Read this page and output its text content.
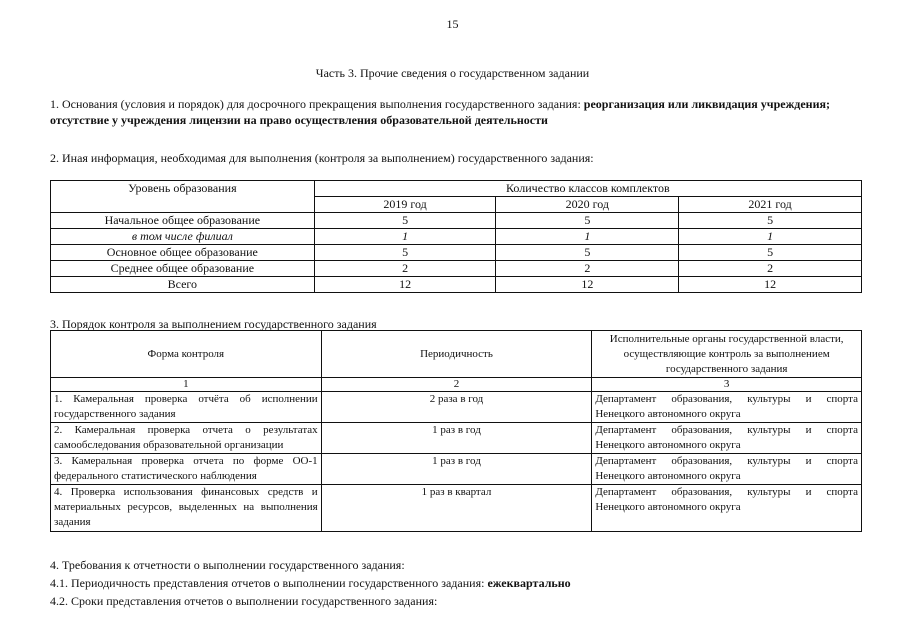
15
Часть 3. Прочие сведения о государственном задании
1. Основания (условия и порядок) для досрочного прекращения выполнения государственного задания: реорганизация или ликвидация учреждения; отсутствие у учреждения лицензии на право осуществления образовательной деятельности
2. Иная информация, необходимая для выполнения (контроля за выполнением) государственного задания:
Уровень образования	Количество классов комплектов		
	2019 год	2020 год	2021 год
Начальное общее образование	5	5	5
в том числе филиал	1	1	1
Основное общее образование	5	5	5
Среднее общее образование	2	2	2
Всего	12	12	12
3. Порядок контроля за выполнением государственного задания
Форма контроля	Периодичность	Исполнительные органы государственной власти, осуществляющие контроль за выполнением государственного задания
1	2	3
1. Камеральная проверка отчёта об исполнении государственного задания	2 раза в год	Департамент образования, культуры и спорта Ненецкого автономного округа
2. Камеральная проверка отчета о результатах самообследования образовательной организации	1 раз в год	Департамент образования, культуры и спорта Ненецкого автономного округа
3. Камеральная проверка отчета по форме ОО-1 федерального статистического наблюдения	1 раз в год	Департамент образования, культуры и спорта Ненецкого автономного округа
4. Проверка использования финансовых средств и материальных ресурсов, выделенных на выполнения задания	1 раз в квартал	Департамент образования, культуры и спорта Ненецкого автономного округа
4. Требования к отчетности о выполнении государственного задания:
4.1. Периодичность представления отчетов о выполнении государственного задания: ежеквартально
4.2. Сроки представления отчетов о выполнении государственного задания:
